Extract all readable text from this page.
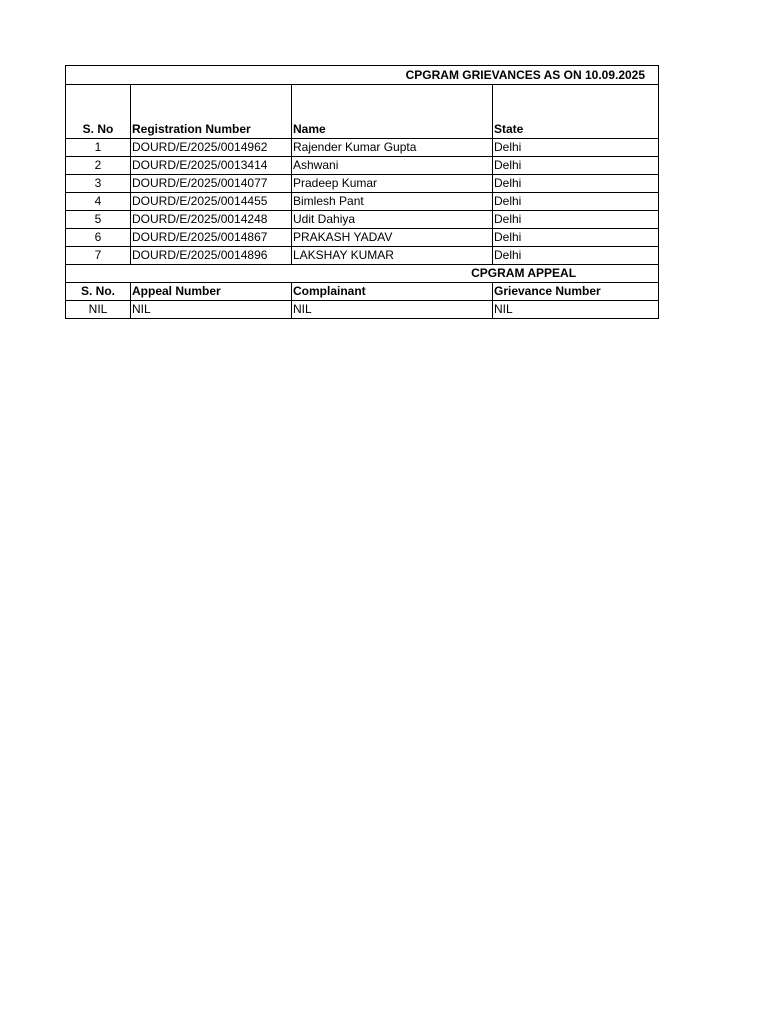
CPGRAM GRIEVANCES AS ON 10.09.2025			
S. No	Registration Number	Name	State
1	DOURD/E/2025/0014962	Rajender Kumar Gupta	Delhi
2	DOURD/E/2025/0013414	Ashwani	Delhi
3	DOURD/E/2025/0014077	Pradeep Kumar	Delhi
4	DOURD/E/2025/0014455	Bimlesh Pant	Delhi
5	DOURD/E/2025/0014248	Udit Dahiya	Delhi
6	DOURD/E/2025/0014867	PRAKASH YADAV	Delhi
7	DOURD/E/2025/0014896	LAKSHAY KUMAR	Delhi
CPGRAM APPEAL			
S. No.	Appeal Number	Complainant	Grievance Number
NIL	NIL	NIL	NIL
